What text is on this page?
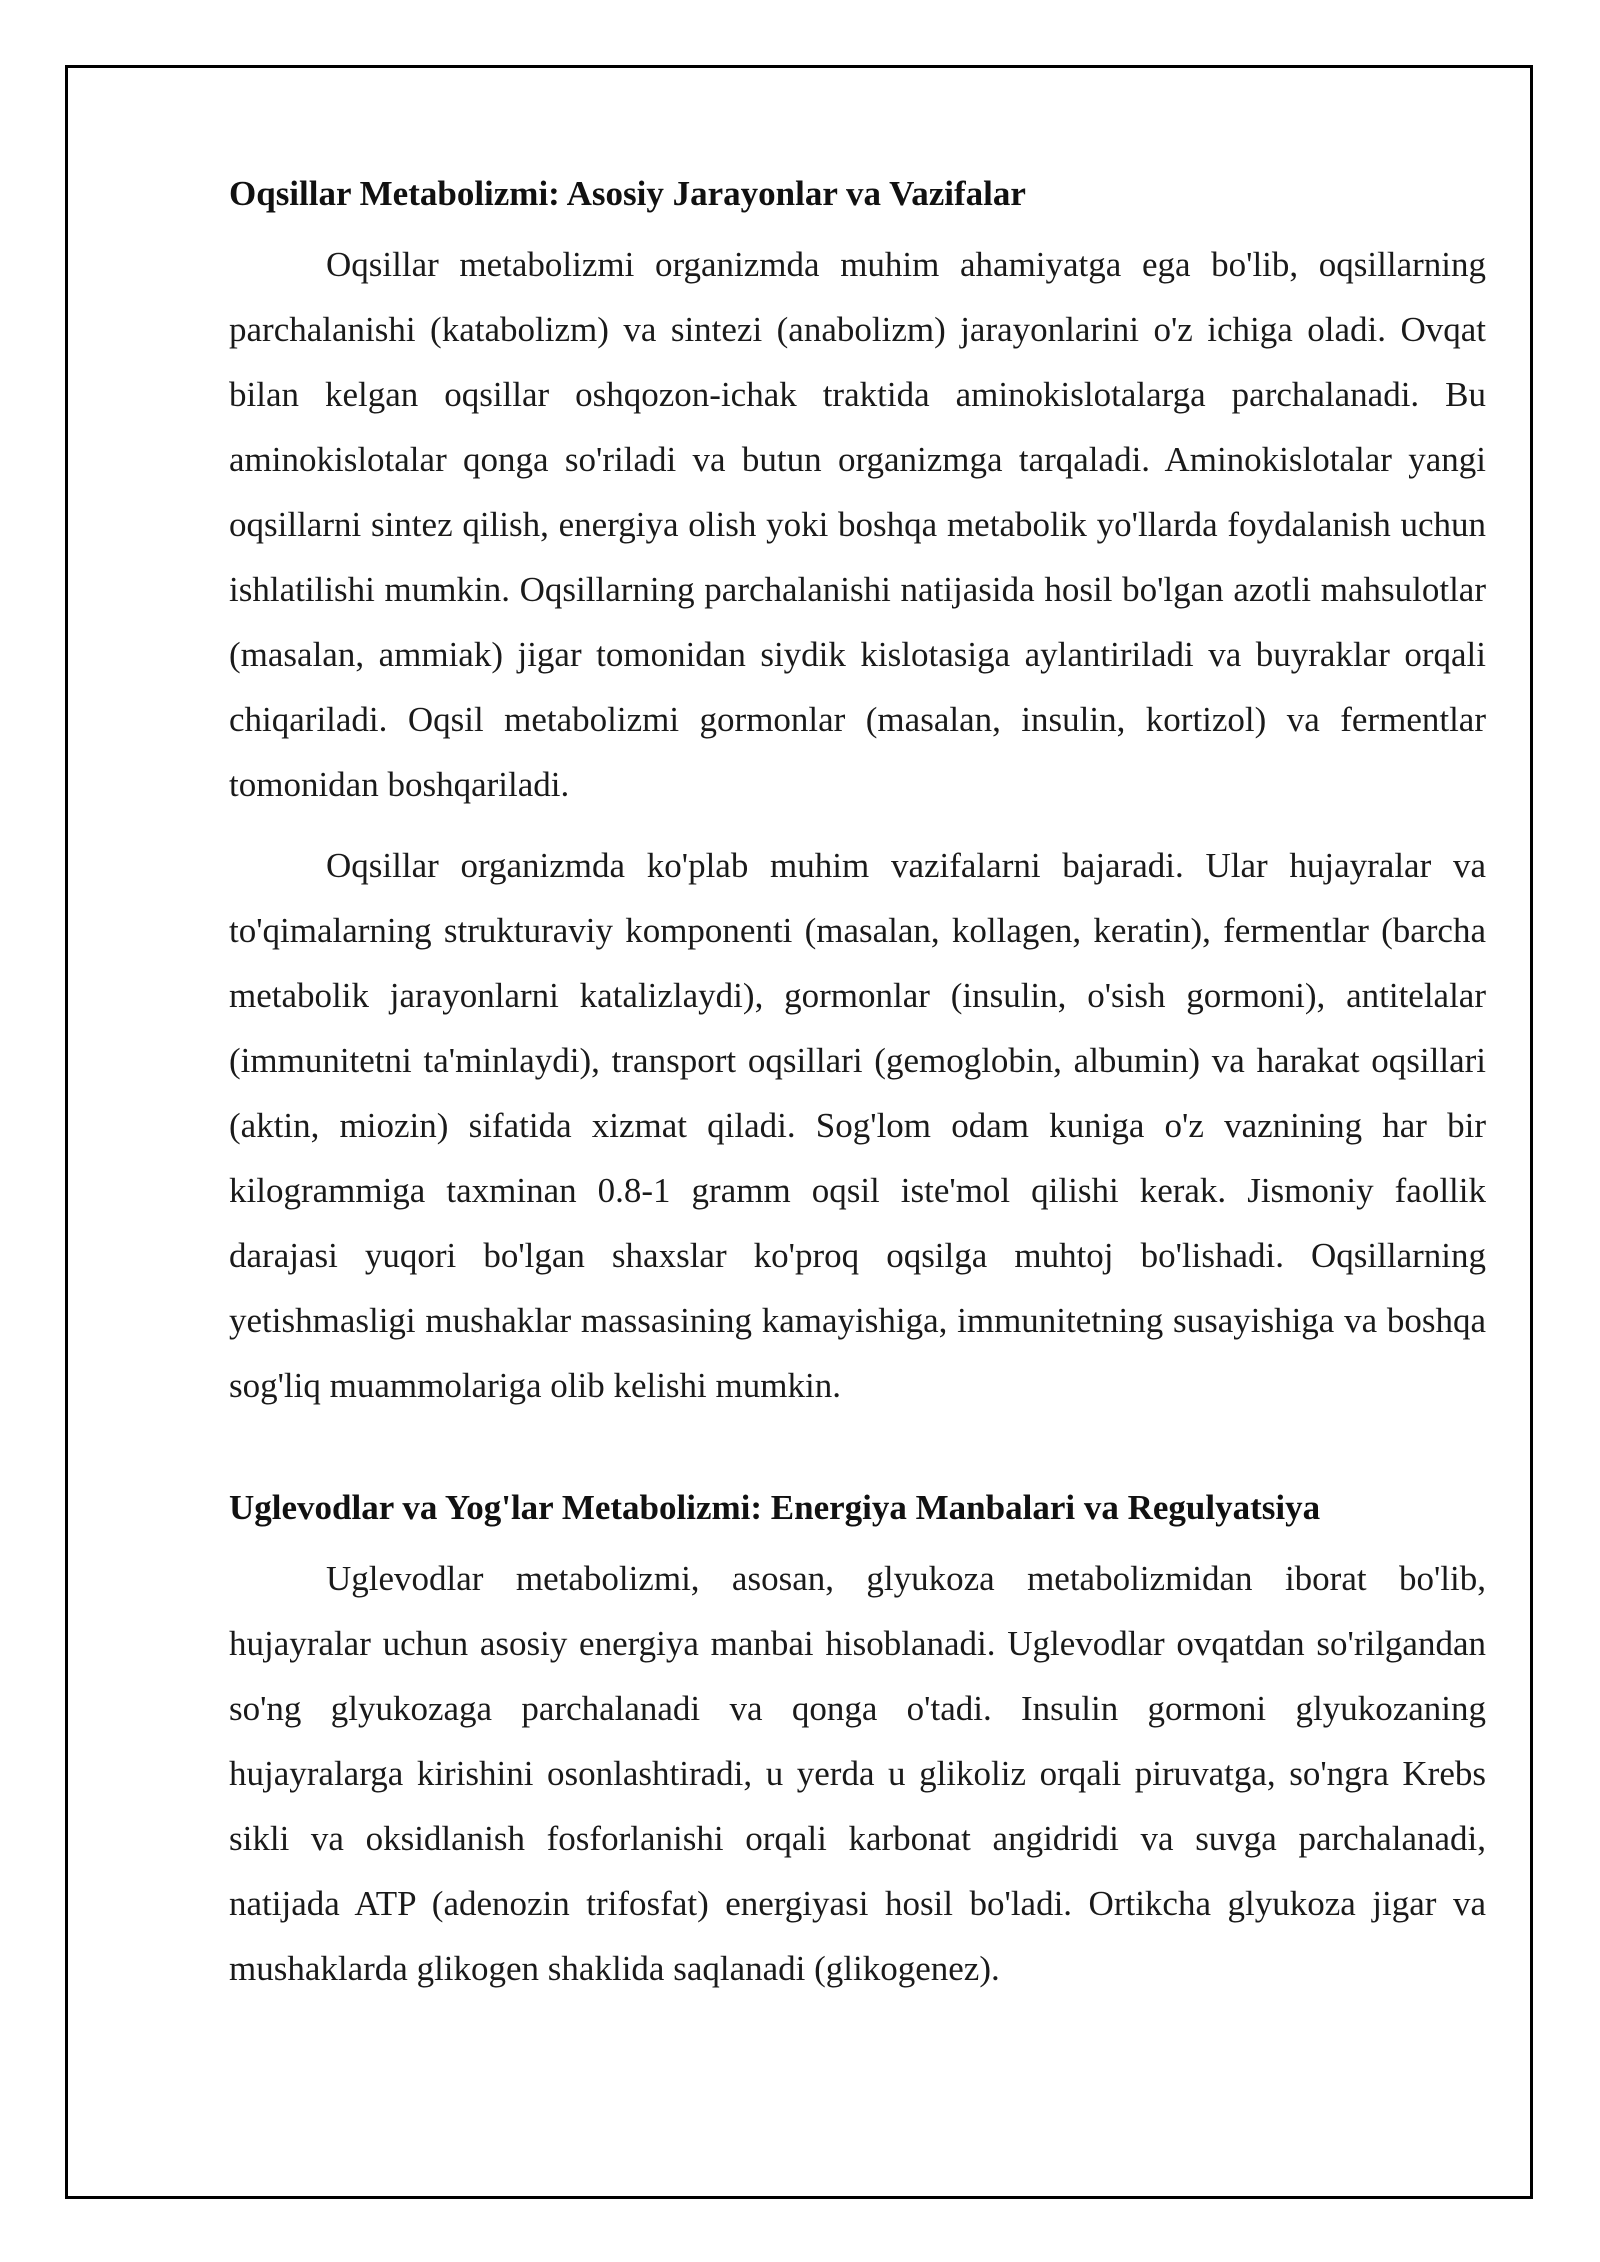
Oqsillar Metabolizmi: Asosiy Jarayonlar va Vazifalar

Oqsillar metabolizmi organizmda muhim ahamiyatga ega bo'lib, oqsillarning parchalanishi (katabolizm) va sintezi (anabolizm) jarayonlarini o'z ichiga oladi. Ovqat bilan kelgan oqsillar oshqozon-ichak traktida aminokislotalarga parchalanadi. Bu aminokislotalar qonga so'riladi va butun organizmga tarqaladi. Aminokislotalar yangi oqsillarni sintez qilish, energiya olish yoki boshqa metabolik yo'llarda foydalanish uchun ishlatilishi mumkin. Oqsillarning parchalanishi natijasida hosil bo'lgan azotli mahsulotlar (masalan, ammiak) jigar tomonidan siydik kislotasiga aylantiriladi va buyraklar orqali chiqariladi. Oqsil metabolizmi gormonlar (masalan, insulin, kortizol) va fermentlar tomonidan boshqariladi.

Oqsillar organizmda ko'plab muhim vazifalarni bajaradi. Ular hujayralar va to'qimalarning strukturaviy komponenti (masalan, kollagen, keratin), fermentlar (barcha metabolik jarayonlarni katalizlaydi), gormonlar (insulin, o'sish gormoni), antitelalar (immunitetni ta'minlaydi), transport oqsillari (gemoglobin, albumin) va harakat oqsillari (aktin, miozin) sifatida xizmat qiladi. Sog'lom odam kuniga o'z vaznining har bir kilogrammiga taxminan 0.8-1 gramm oqsil iste'mol qilishi kerak. Jismoniy faollik darajasi yuqori bo'lgan shaxslar ko'proq oqsilga muhtoj bo'lishadi. Oqsillarning yetishmasligi mushaklar massasining kamayishiga, immunitetning susayishiga va boshqa sog'liq muammolariga olib kelishi mumkin.

Uglevodlar va Yog'lar Metabolizmi: Energiya Manbalari va Regulyatsiya

Uglevodlar metabolizmi, asosan, glyukoza metabolizmidan iborat bo'lib, hujayralar uchun asosiy energiya manbai hisoblanadi. Uglevodlar ovqatdan so'rilgandan so'ng glyukozaga parchalanadi va qonga o'tadi. Insulin gormoni glyukozaning hujayralarga kirishini osonlashtiradi, u yerda u glikoliz orqali piruvatga, so'ngra Krebs sikli va oksidlanish fosforlanishi orqali karbonat angidridi va suvga parchalanadi, natijada ATP (adenozin trifosfat) energiyasi hosil bo'ladi. Ortikcha glyukoza jigar va mushaklarda glikogen shaklida saqlanadi (glikogenez).
